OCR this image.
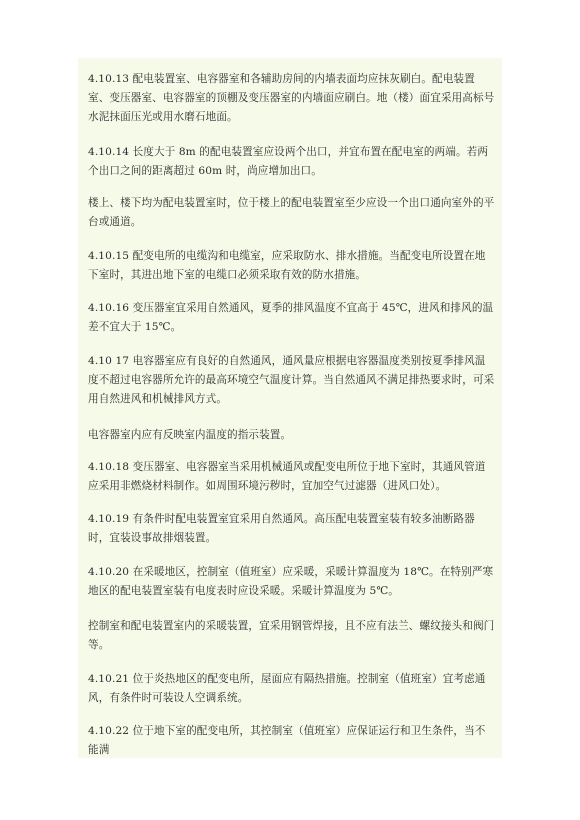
4.10.13 配电装置室、电容器室和各辅助房间的内墙表面均应抹灰刷白。配电装置室、变压器室、电容器室的顶棚及变压器室的内墙面应刷白。地（楼）面宜采用高标号水泥抹面压光或用水磨石地面。

4.10.14 长度大于 8m 的配电装置室应设两个出口，并宜布置在配电室的两端。若两个出口之间的距离超过 60m 时，尚应增加出口。

楼上、楼下均为配电装置室时，位于楼上的配电装置室至少应设一个出口通向室外的平台或通道。

4.10.15 配变电所的电缆沟和电缆室，应采取防水、排水措施。当配变电所设置在地下室时，其进出地下室的电缆口必须采取有效的防水措施。

4.10.16 变压器室宜采用自然通风，夏季的排风温度不宜高于 45℃，进风和排风的温差不宜大于 15℃。

4.10 17 电容器室应有良好的自然通风，通风量应根据电容器温度类别按夏季排风温度不超过电容器所允许的最高环境空气温度计算。当自然通风不满足排热要求时，可采用自然进风和机械排风方式。

电容器室内应有反映室内温度的指示装置。

4.10.18 变压器室、电容器室当采用机械通风或配变电所位于地下室时，其通风管道应采用非燃烧材料制作。如周围环境污秽时，宜加空气过滤器（进风口处）。

4.10.19 有条件时配电装置室宜采用自然通风。高压配电装置室装有较多油断路器时，宜装设事故排烟装置。

4.10.20 在采暖地区，控制室（值班室）应采暖，采暖计算温度为 18℃。在特别严寒地区的配电装置室装有电度表时应设采暖。采暖计算温度为 5℃。

控制室和配电装置室内的采暖装置，宜采用钢管焊接，且不应有法兰、螺纹接头和阀门等。

4.10.21 位于炎热地区的配变电所，屋面应有隔热措施。控制室（值班室）宜考虑通风，有条件时可装设人空调系统。

4.10.22 位于地下室的配变电所，其控制室（值班室）应保证运行和卫生条件，当不能满
